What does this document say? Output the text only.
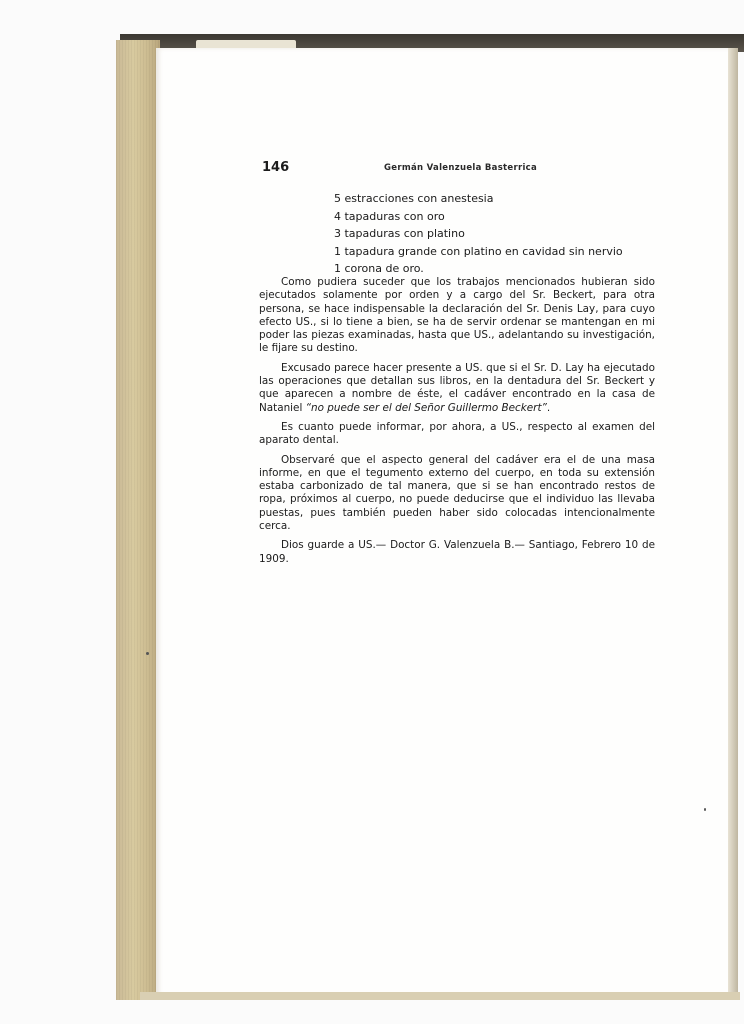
146	Germán Valenzuela Basterrica
5 estracciones con anestesia
4 tapaduras con oro
3 tapaduras con platino
1 tapadura grande con platino en cavidad sin nervio
1 corona de oro.

Como pudiera suceder que los trabajos mencionados hubieran sido ejecutados solamente por orden y a cargo del Sr. Beckert, para otra persona, se hace indispensable la declaración del Sr. Denis Lay, para cuyo efecto US., si lo tiene a bien, se ha de servir ordenar se mantengan en mi poder las piezas examinadas, hasta que US., adelantando su investigación, le fijare su destino.

Excusado parece hacer presente a US. que si el Sr. D. Lay ha ejecutado las operaciones que detallan sus libros, en la dentadura del Sr. Beckert y que aparecen a nombre de éste, el cadáver encontrado en la casa de Nataniel “no puede ser el del Señor Guillermo Beckert”.

Es cuanto puede informar, por ahora, a US., respecto al examen del aparato dental.

Observaré que el aspecto general del cadáver era el de una masa informe, en que el tegumento externo del cuerpo, en toda su extensión estaba carbonizado de tal manera, que si se han encontrado restos de ropa, próximos al cuerpo, no puede deducirse que el individuo las llevaba puestas, pues también pueden haber sido colocadas intencionalmente cerca.

Dios guarde a US.— Doctor G. Valenzuela B.— Santiago, Febrero 10 de 1909.
